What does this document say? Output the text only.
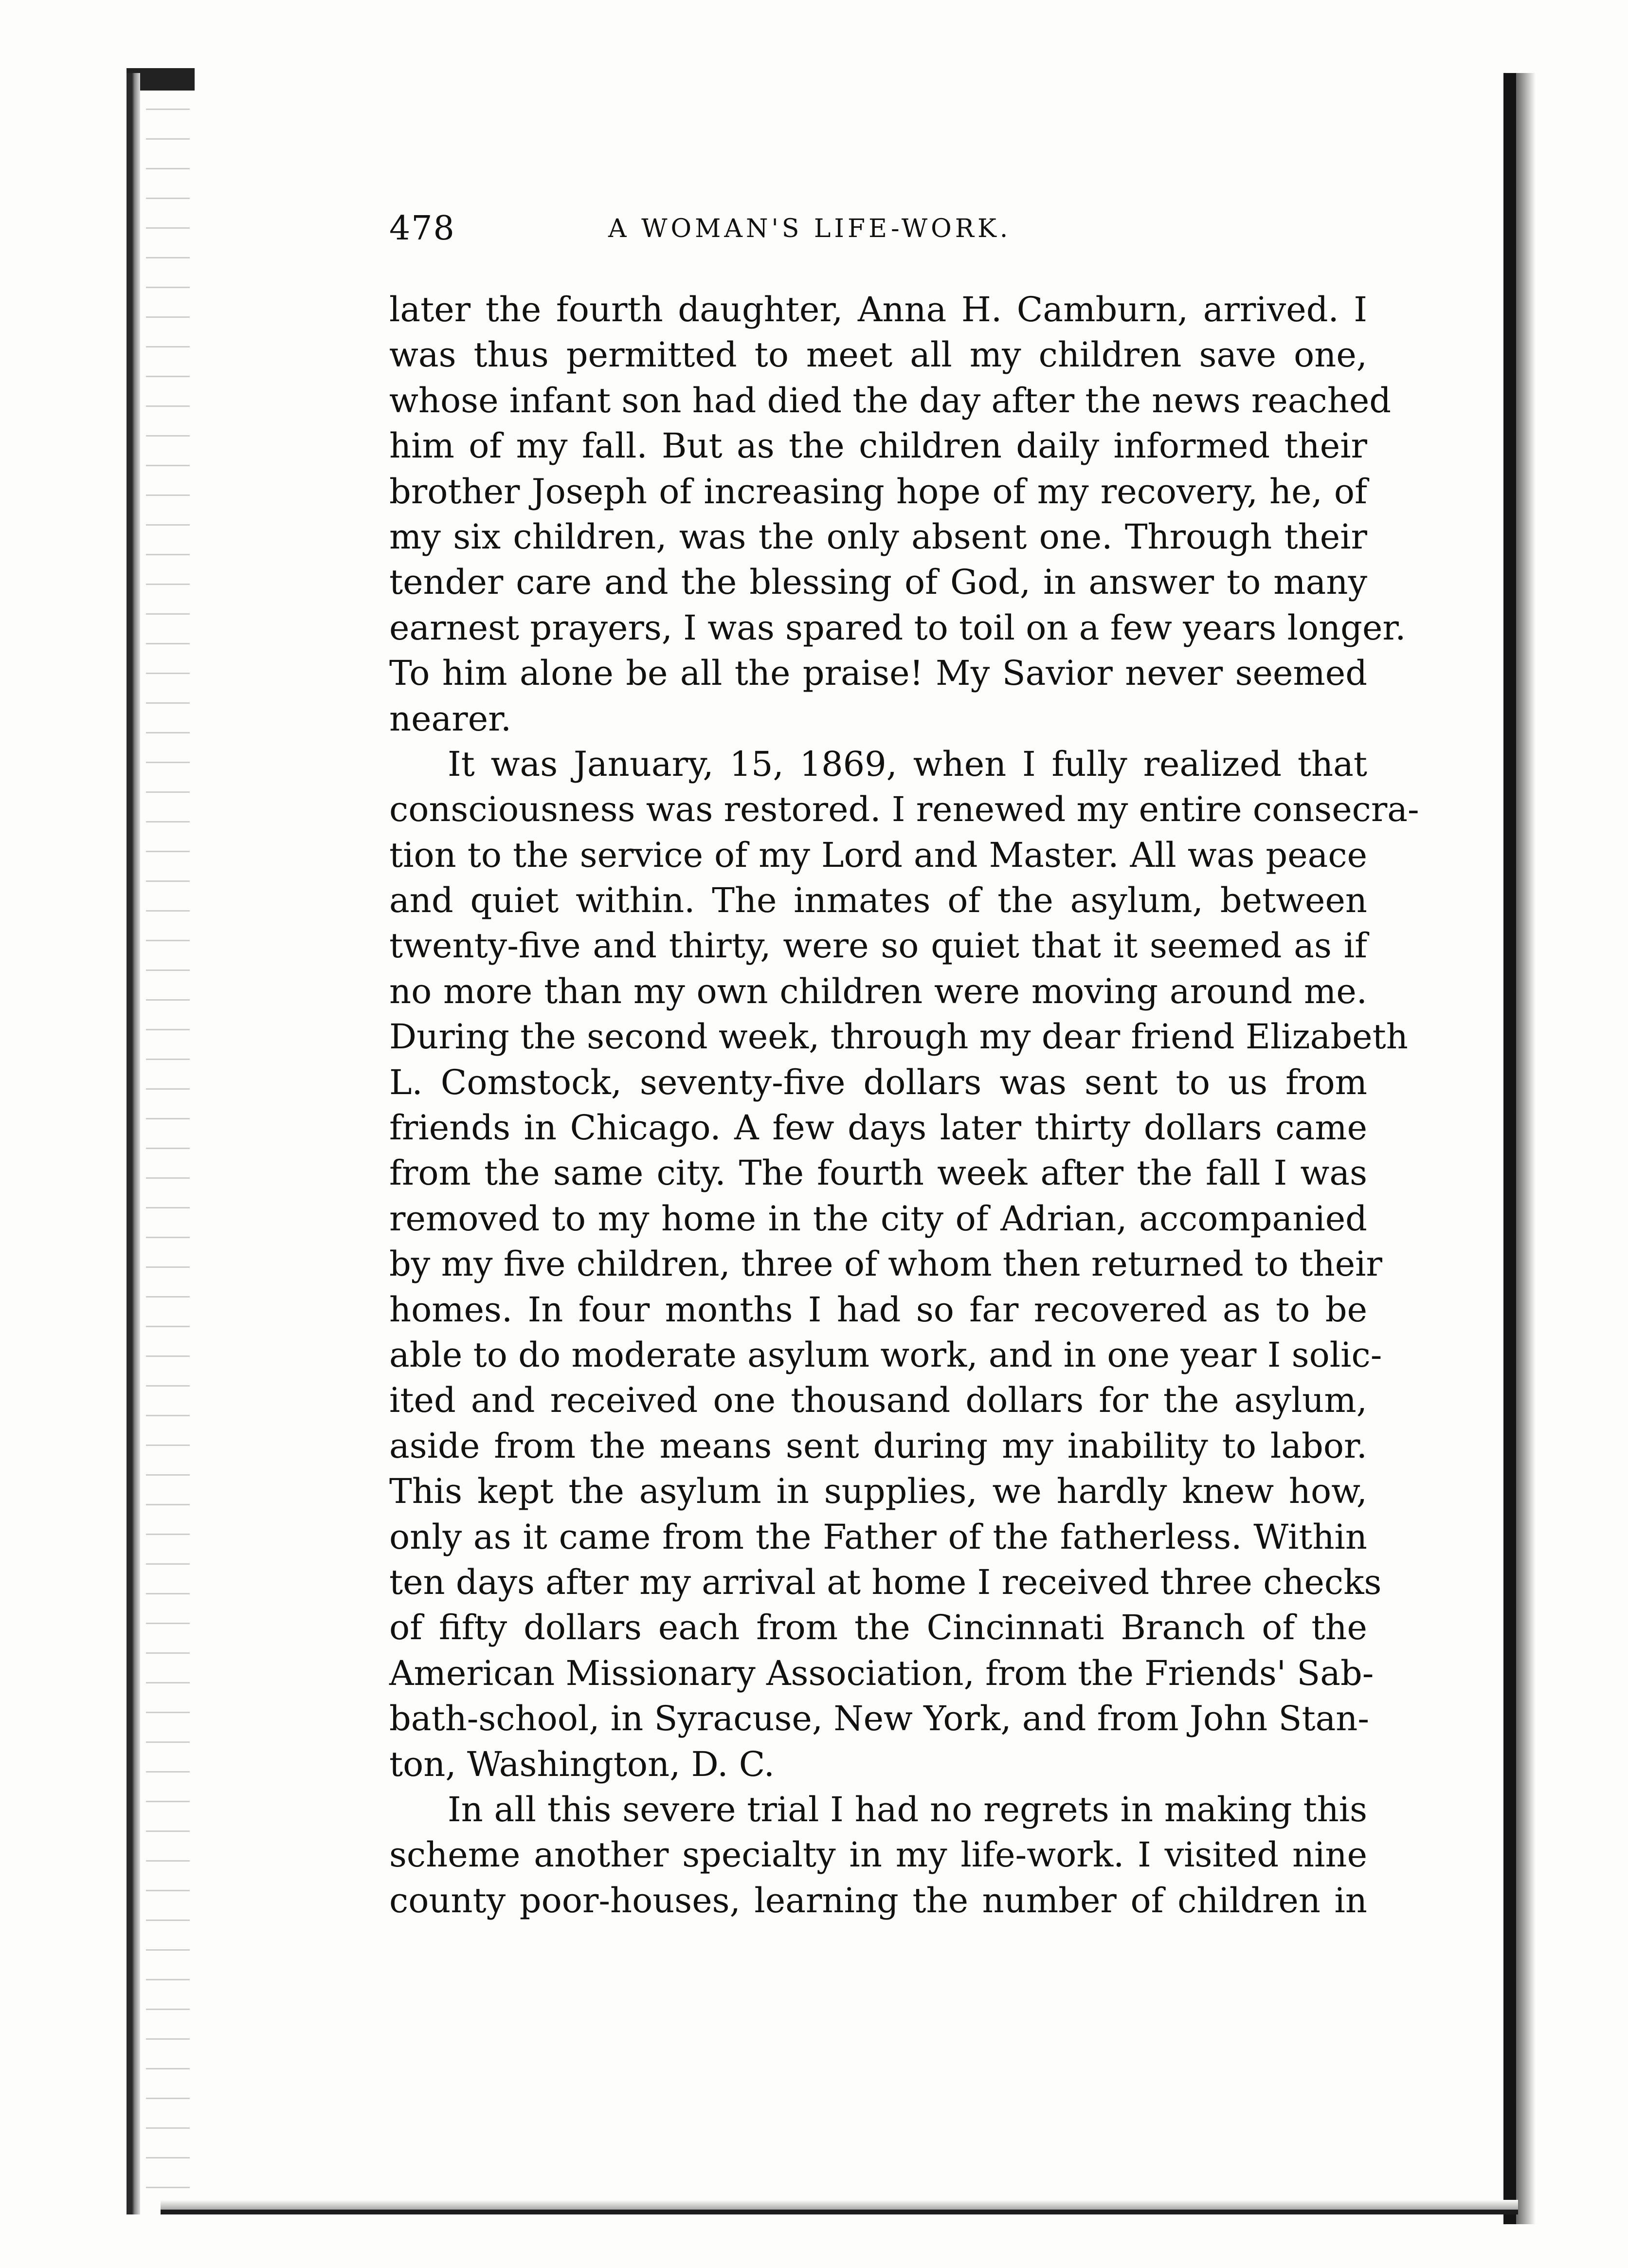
478	A WOMAN'S LIFE-WORK.
later the fourth daughter, Anna H. Camburn, arrived. I
was thus permitted to meet all my children save one,
whose infant son had died the day after the news reached
him of my fall. But as the children daily informed their
brother Joseph of increasing hope of my recovery, he, of
my six children, was the only absent one. Through their
tender care and the blessing of God, in answer to many
earnest prayers, I was spared to toil on a few years longer.
To him alone be all the praise! My Savior never seemed
nearer.
It was January, 15, 1869, when I fully realized that
consciousness was restored. I renewed my entire consecra-
tion to the service of my Lord and Master. All was peace
and quiet within. The inmates of the asylum, between
twenty-five and thirty, were so quiet that it seemed as if
no more than my own children were moving around me.
During the second week, through my dear friend Elizabeth
L. Comstock, seventy-five dollars was sent to us from
friends in Chicago. A few days later thirty dollars came
from the same city. The fourth week after the fall I was
removed to my home in the city of Adrian, accompanied
by my five children, three of whom then returned to their
homes. In four months I had so far recovered as to be
able to do moderate asylum work, and in one year I solic-
ited and received one thousand dollars for the asylum,
aside from the means sent during my inability to labor.
This kept the asylum in supplies, we hardly knew how,
only as it came from the Father of the fatherless. Within
ten days after my arrival at home I received three checks
of fifty dollars each from the Cincinnati Branch of the
American Missionary Association, from the Friends' Sab-
bath-school, in Syracuse, New York, and from John Stan-
ton, Washington, D. C.
In all this severe trial I had no regrets in making this
scheme another specialty in my life-work. I visited nine
county poor-houses, learning the number of children in
